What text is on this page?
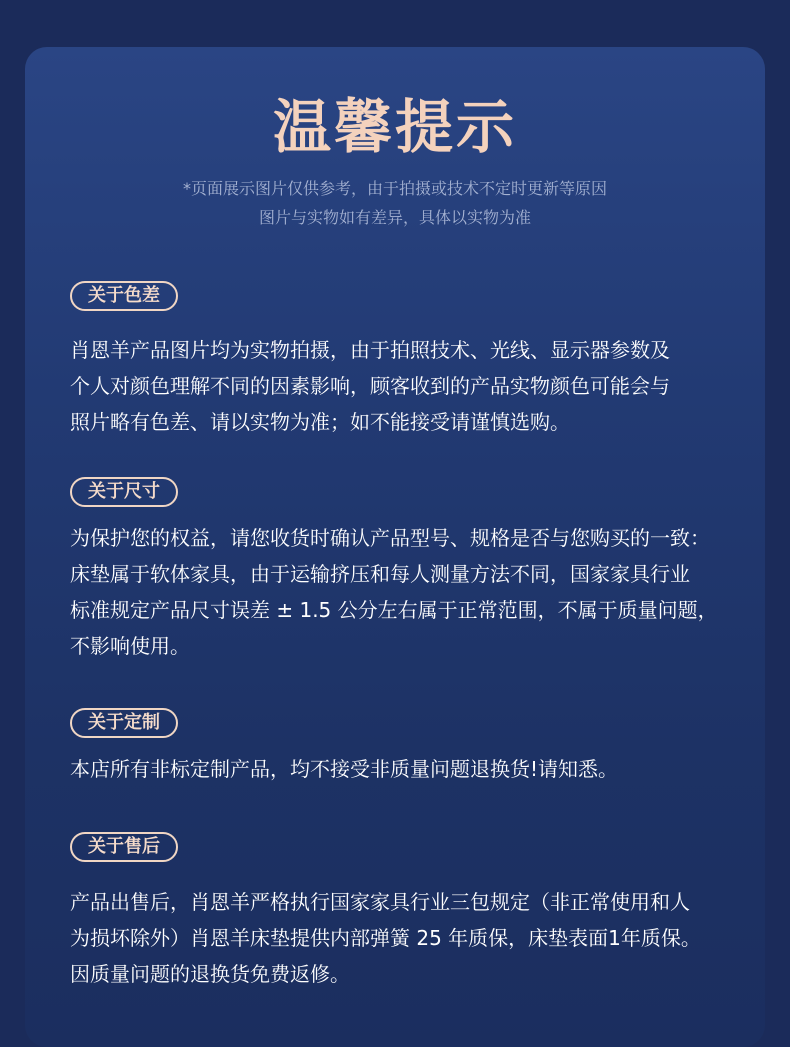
温馨提示
*页面展示图片仅供参考，由于拍摄或技术不定时更新等原因
图片与实物如有差异，具体以实物为准
关于色差

肖恩羊产品图片均为实物拍摄，由于拍照技术、光线、显示器参数及

个人对颜色理解不同的因素影响，顾客收到的产品实物颜色可能会与

照片略有色差、请以实物为准；如不能接受请谨慎选购。

关于尺寸

为保护您的权益，请您收货时确认产品型号、规格是否与您购买的一致：

床垫属于软体家具，由于运输挤压和每人测量方法不同，国家家具行业

标准规定产品尺寸误差 ± 1.5 公分左右属于正常范围，不属于质量问题，

不影响使用。

关于定制

本店所有非标定制产品，均不接受非质量问题退换货!请知悉。

关于售后

产品出售后，肖恩羊严格执行国家家具行业三包规定（非正常使用和人

为损坏除外）肖恩羊床垫提供内部弹簧 25 年质保，床垫表面1年质保。

因质量问题的退换货免费返修。
